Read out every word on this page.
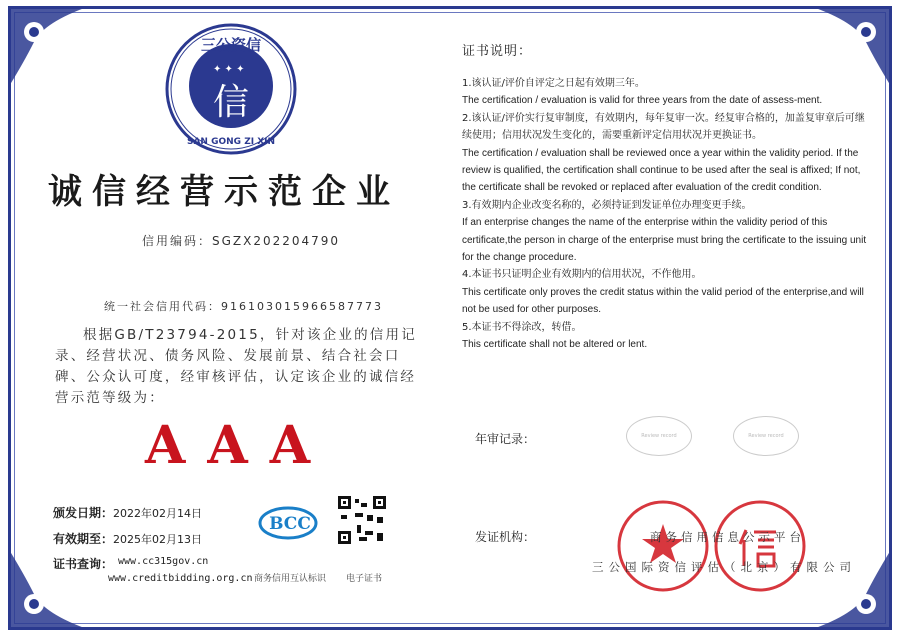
三公资信
✦ ✦ ✦
信
SAN GONG ZI XIN
诚信经营示范企业
信用编码：SGZX202204790
统一社会信用代码：916103015966587773
根据GB/T23794-2015，针对该企业的信用记录、经营状况、债务风险、发展前景、结合社会口碑、公众认可度，经审核评估，认定该企业的诚信经营示范等级为：
AAA
颁发日期：2022年02月14日
有效期至：2025年02月13日
证书查询： www.cc315gov.cn
www.creditbidding.org.cn
BCC
商务信用互认标识 电子证书
证书说明：

1.该认证/评价自评定之日起有效期三年。

The certification / evaluation is valid for three years from the date of assess-ment.

2.该认证/评价实行复审制度，有效期内，每年复审一次。经复审合格的，加盖复审章后可继续使用；信用状况发生变化的，需要重新评定信用状况并更换证书。

The certification / evaluation shall be reviewed once a year within the validity period. If the review is qualified, the certification shall continue to be used after the seal is affixed; If not, the certificate shall be revoked or replaced after evaluation of the credit condition.

3.有效期内企业改变名称的，必须持证到发证单位办理变更手续。

If an enterprise changes the name of the enterprise within the validity period of this certificate,the person in charge of the enterprise must bring the certificate to the issuing unit for the change procedure.

4.本证书只证明企业有效期内的信用状况，不作他用。

This certificate only proves the credit status within the valid period of the enterprise,and will not be used for other purposes.

5.本证书不得涂改，转借。

This certificate shall not be altered or lent.

年审记录：	Review record	Review record
发证机构：	商务信用信息公示平台
三公国际资信评估（北京）有限公司
